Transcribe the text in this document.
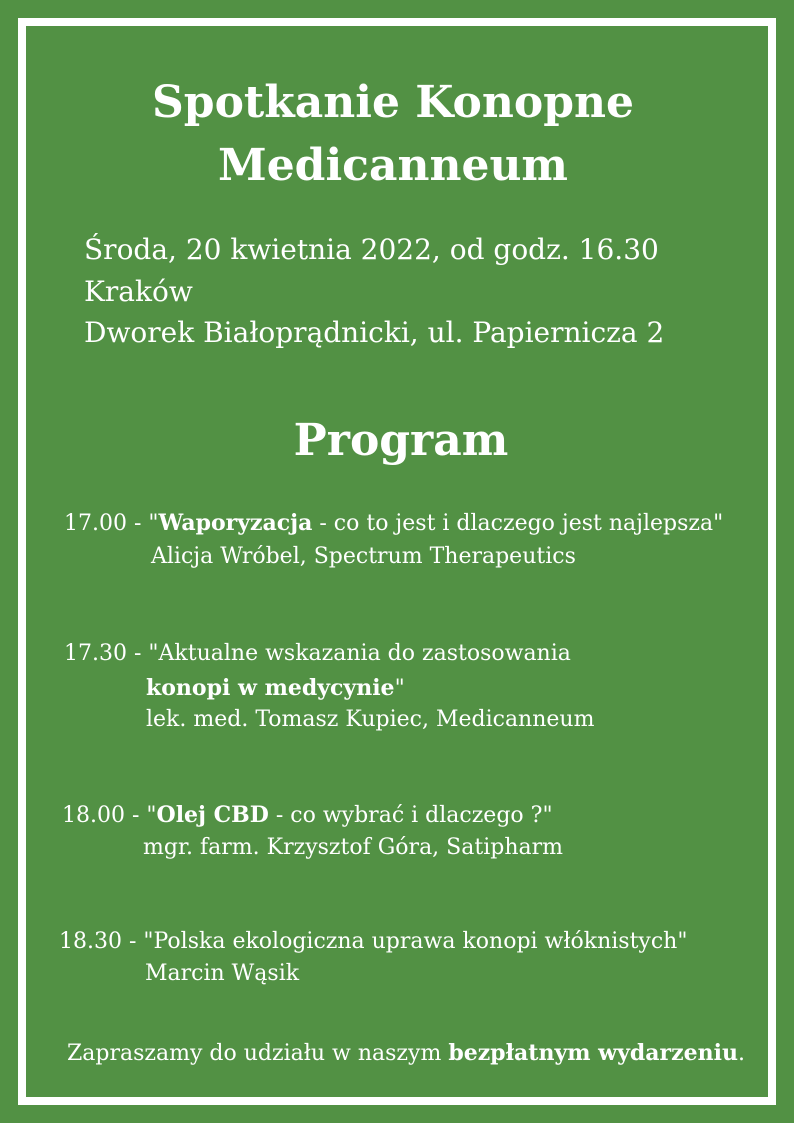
Spotkanie Konopne
Medicanneum
Środa, 20 kwietnia 2022, od godz. 16.30
Kraków
Dworek Białoprądnicki, ul. Papiernicza 2
Program
17.00 - "Waporyzacja - co to jest i dlaczego jest najlepsza"
Alicja Wróbel, Spectrum Therapeutics
17.30 - "Aktualne wskazania do zastosowania
konopi w medycynie"
lek. med. Tomasz Kupiec, Medicanneum
18.00 - "Olej CBD - co wybrać i dlaczego ?"
mgr. farm. Krzysztof Góra, Satipharm
18.30 - "Polska ekologiczna uprawa konopi włóknistych"
Marcin Wąsik
Zapraszamy do udziału w naszym bezpłatnym wydarzeniu.
